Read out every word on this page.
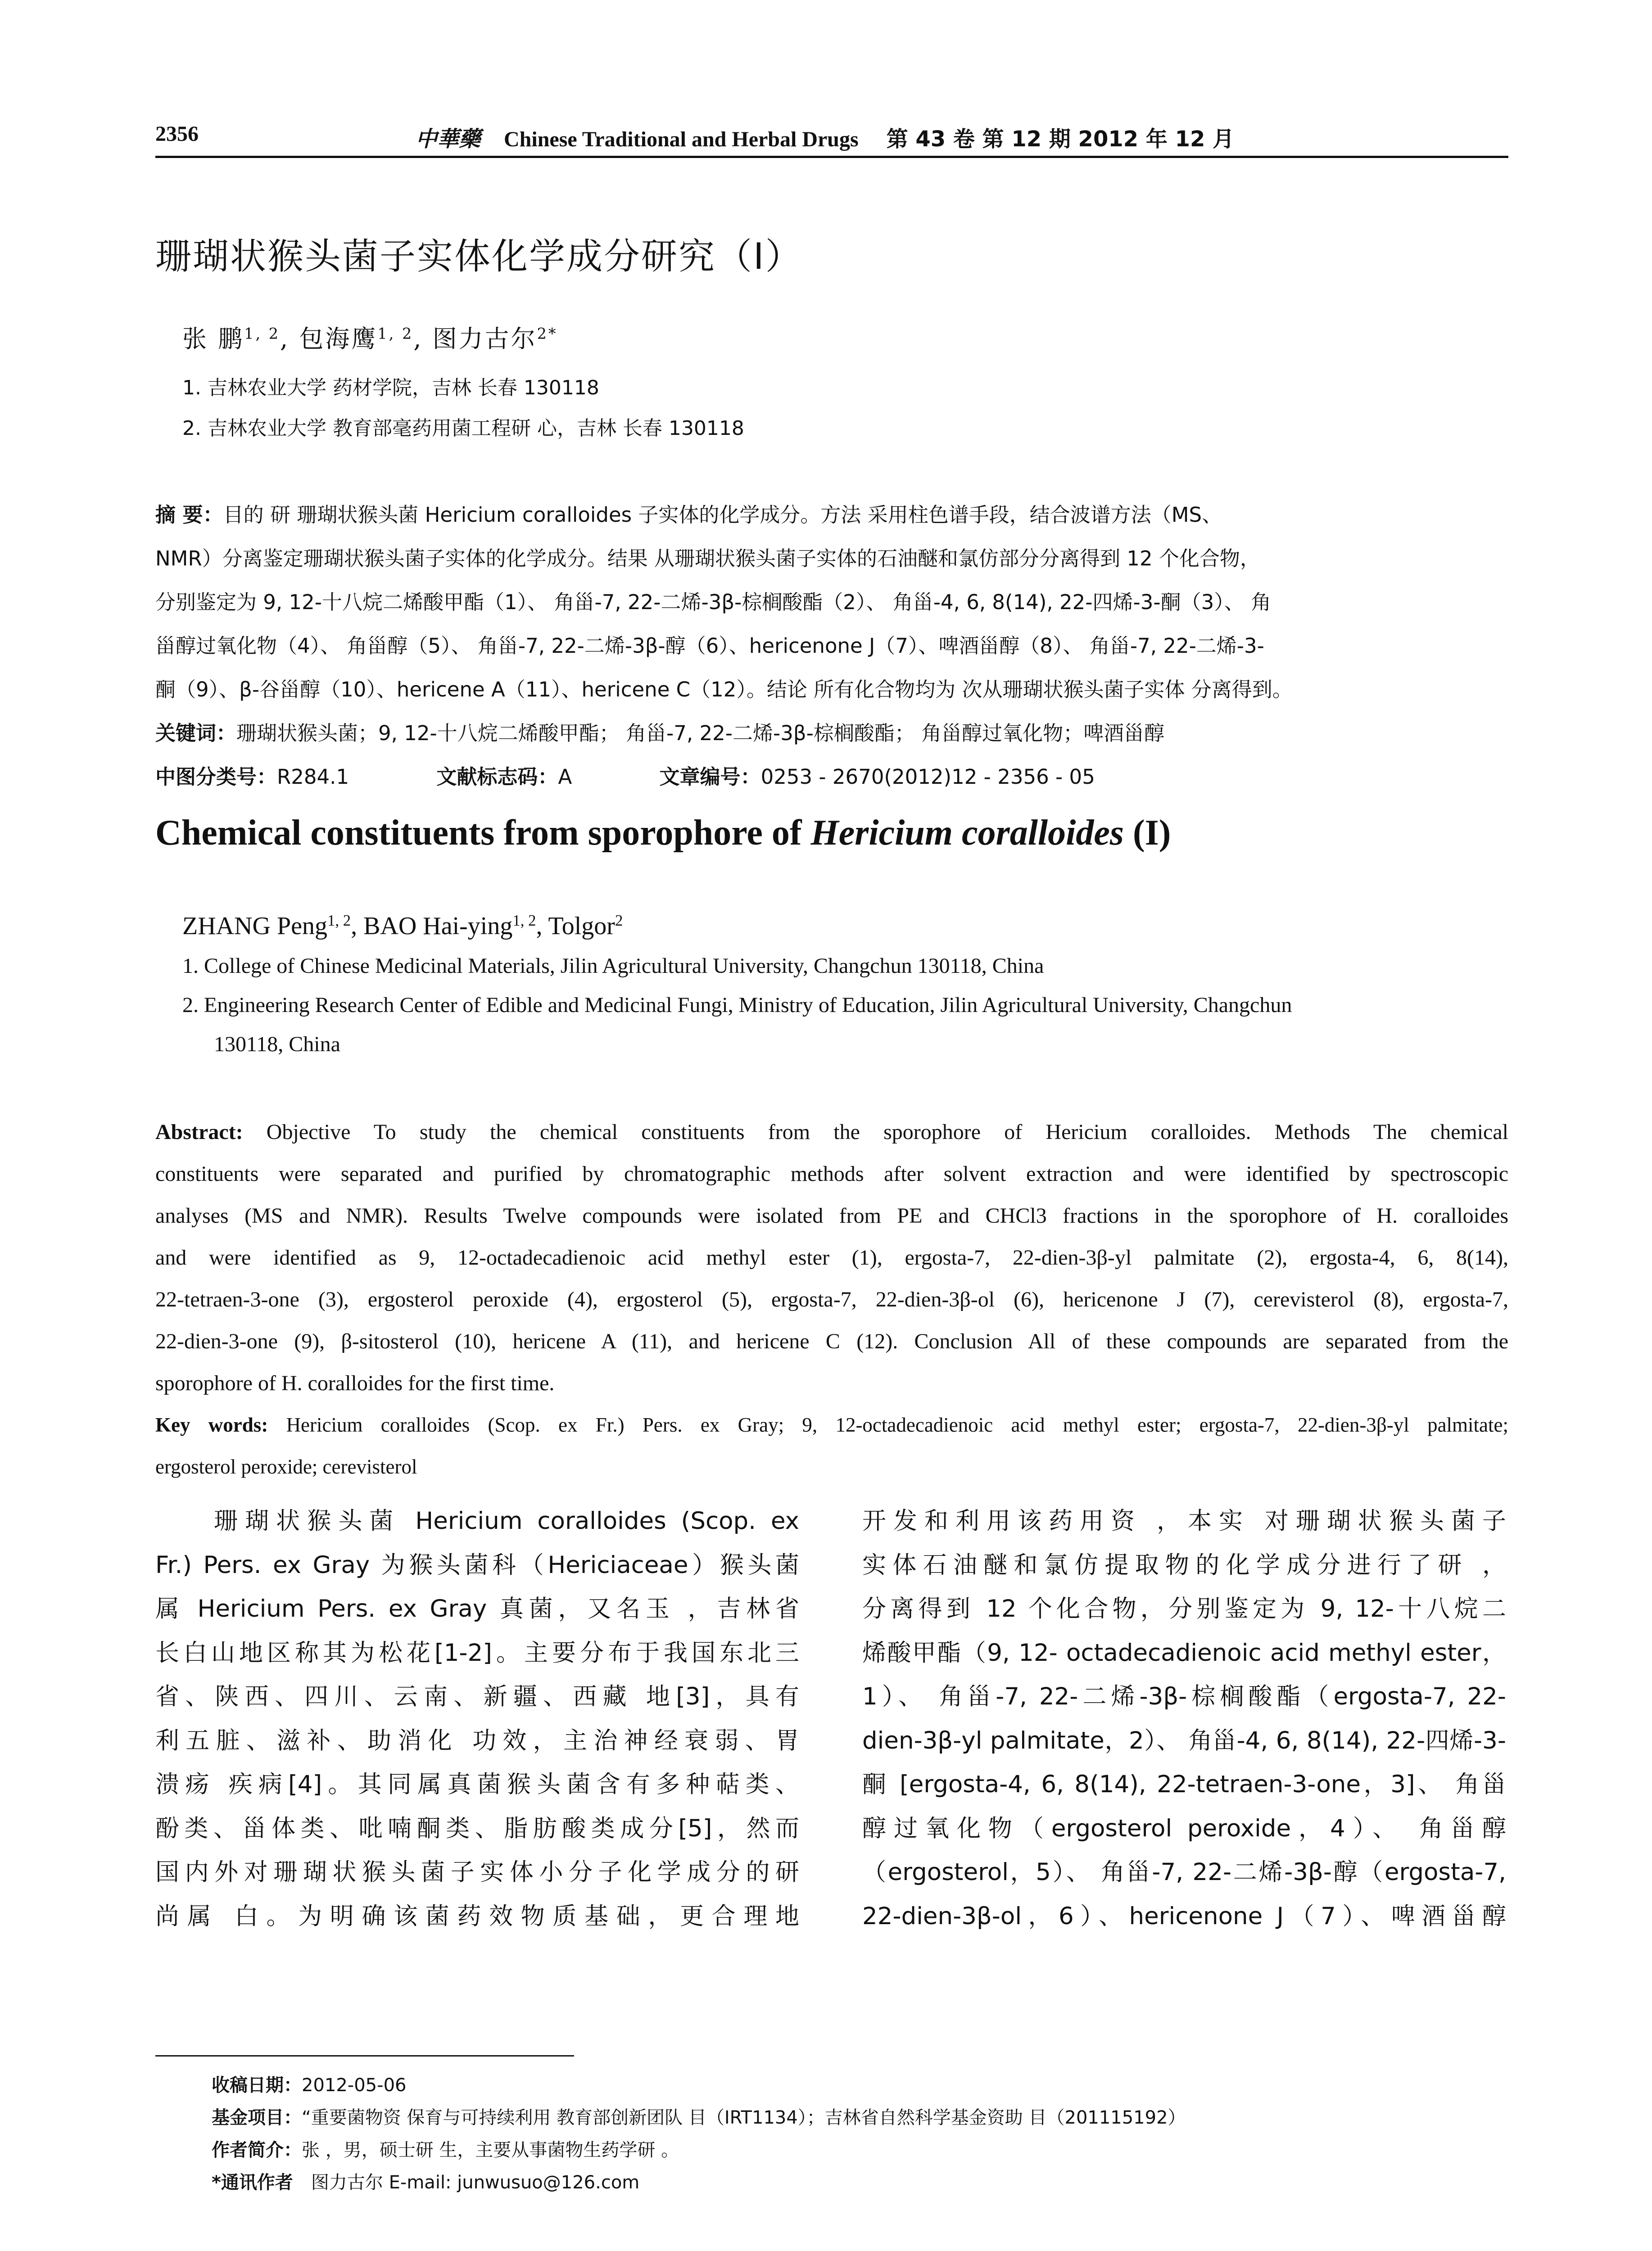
2356	中華藥 Chinese Traditional and Herbal Drugs 第 43 卷 第 12 期 2012 年 12 月
珊瑚状猴头菌子实体化学成分研究（I）
张 鹏$^{1, 2}$, 包海鹰$^{1, 2}$, 图力古尔$^{2*}$
1. 吉林农业大学 药材学院，吉林 长春 130118
2. 吉林农业大学 教育部毫药用菌工程研 心，吉林 长春 130118
摘 要：目的 研 珊瑚状猴头菌 Hericium coralloides 子实体的化学成分。方法 采用柱色谱手段，结合波谱方法（MS、
NMR）分离鉴定珊瑚状猴头菌子实体的化学成分。结果 从珊瑚状猴头菌子实体的石油醚和氯仿部分分离得到 12 个化合物，
分别鉴定为 9, 12-十八烷二烯酸甲酯（1）、 角甾-7, 22-二烯-3β-棕榈酸酯（2）、 角甾-4, 6, 8(14), 22-四烯-3-酮（3）、 角
甾醇过氧化物（4）、 角甾醇（5）、 角甾-7, 22-二烯-3β-醇（6）、hericenone J（7）、啤酒甾醇（8）、 角甾-7, 22-二烯-3-
酮（9）、β-谷甾醇（10）、hericene A（11）、hericene C（12）。结论 所有化合物均为 次从珊瑚状猴头菌子实体 分离得到。
关键词：珊瑚状猴头菌；9, 12-十八烷二烯酸甲酯； 角甾-7, 22-二烯-3β-棕榈酸酯； 角甾醇过氧化物；啤酒甾醇
中图分类号：R284.1	文献标志码：A	文章编号：0253 - 2670(2012)12 - 2356 - 05
Chemical constituents from sporophore of Hericium coralloides (I)
ZHANG Peng$^{1, 2}$, BAO Hai-ying$^{1, 2}$, Tolgor$^2$
1. College of Chinese Medicinal Materials, Jilin Agricultural University, Changchun 130118, China
2. Engineering Research Center of Edible and Medicinal Fungi, Ministry of Education, Jilin Agricultural University, Changchun
130118, China
Abstract: Objective To study the chemical constituents from the sporophore of Hericium coralloides. Methods The chemical
constituents were separated and purified by chromatographic methods after solvent extraction and were identified by spectroscopic
analyses (MS and NMR). Results Twelve compounds were isolated from PE and CHCl3 fractions in the sporophore of H. coralloides
and were identified as 9, 12-octadecadienoic acid methyl ester (1), ergosta-7, 22-dien-3β-yl palmitate (2), ergosta-4, 6, 8(14),
22-tetraen-3-one (3), ergosterol peroxide (4), ergosterol (5), ergosta-7, 22-dien-3β-ol (6), hericenone J (7), cerevisterol (8), ergosta-7,
22-dien-3-one (9), β-sitosterol (10), hericene A (11), and hericene C (12). Conclusion All of these compounds are separated from the
sporophore of H. coralloides for the first time.
Key words: Hericium coralloides (Scop. ex Fr.) Pers. ex Gray; 9, 12-octadecadienoic acid methyl ester; ergosta-7, 22-dien-3β-yl palmitate;
ergosterol peroxide; cerevisterol
珊瑚状猴头菌 Hericium coralloides (Scop. ex
Fr.) Pers. ex Gray 为猴头菌科（Hericiaceae）猴头菌
属 Hericium Pers. ex Gray 真菌，又名玉 ，吉林省
长白山地区称其为松花[1-2]。主要分布于我国东北三
省、陕西、四川、云南、新疆、西藏 地[3]，具有
利五脏、滋补、助消化 功效，主治神经衰弱、胃
溃疡 疾病[4]。其同属真菌猴头菌含有多种萜类、
酚类、甾体类、吡喃酮类、脂肪酸类成分[5]，然而
国内外对珊瑚状猴头菌子实体小分子化学成分的研
尚属 白。为明确该菌药效物质基础，更合理地
开发和利用该药用资 ，本实 对珊瑚状猴头菌子
实体石油醚和氯仿提取物的化学成分进行了研 ，
分离得到 12 个化合物，分别鉴定为 9, 12-十八烷二
烯酸甲酯（9, 12- octadecadienoic acid methyl ester，
1）、 角甾-7, 22-二烯-3β-棕榈酸酯（ergosta-7, 22-
dien-3β-yl palmitate，2）、 角甾-4, 6, 8(14), 22-四烯-3-
酮 [ergosta-4, 6, 8(14), 22-tetraen-3-one，3]、 角甾
醇过氧化物（ergosterol peroxide，4）、 角甾醇
（ergosterol，5）、 角甾-7, 22-二烯-3β-醇（ergosta-7,
22-dien-3β-ol，6）、hericenone J（7）、啤酒甾醇
收稿日期：2012-05-06
基金项目：“重要菌物资 保育与可持续利用 教育部创新团队 目（IRT1134）；吉林省自然科学基金资助 目（201115192）
作者简介：张 ，男，硕士研 生，主要从事菌物生药学研 。
*通讯作者 图力古尔 E-mail: junwusuo@126.com
